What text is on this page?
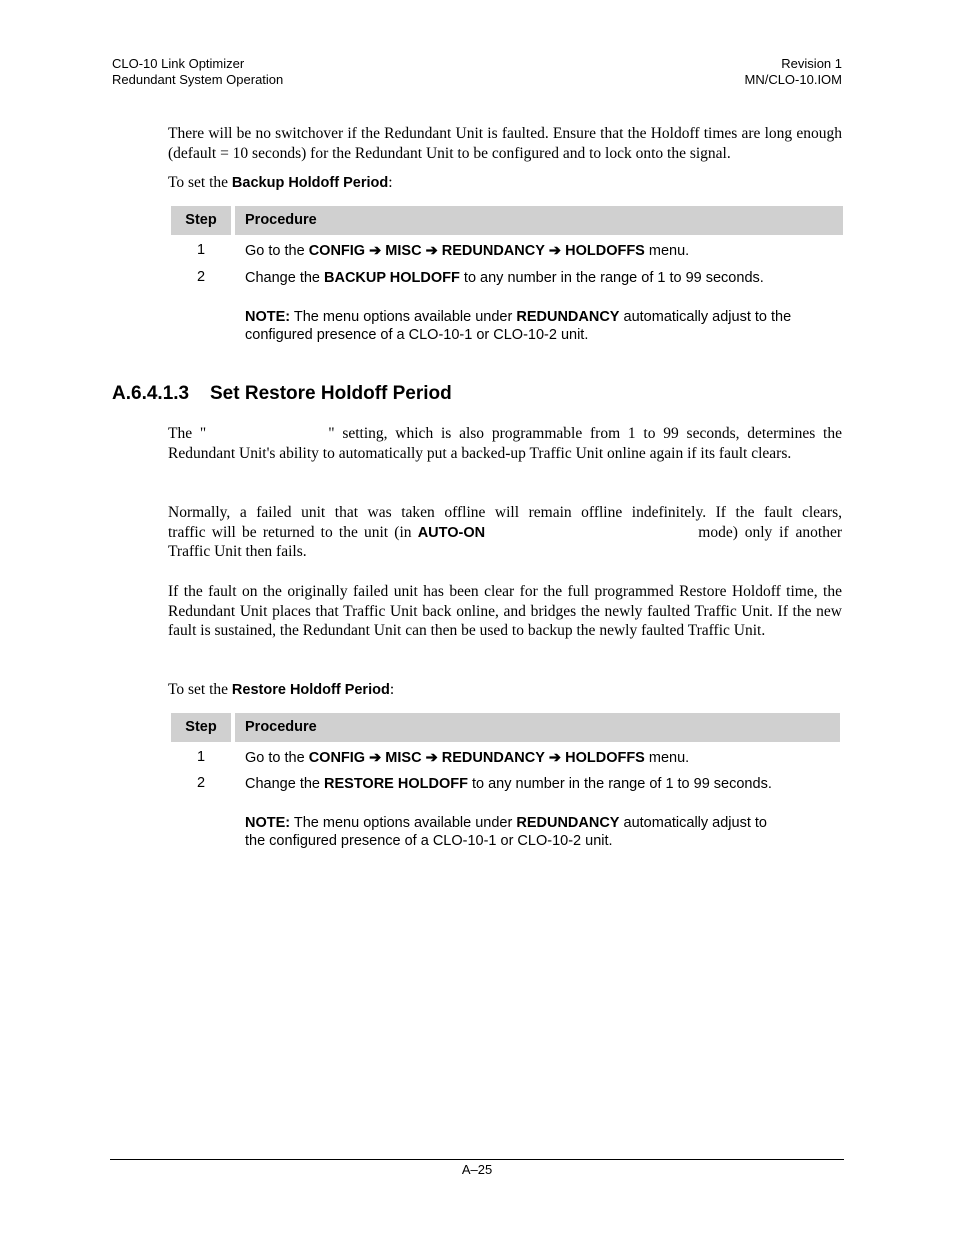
CLO-10 Link Optimizer
Redundant System Operation
Revision 1
MN/CLO-10.IOM
There will be no switchover if the Redundant Unit is faulted. Ensure that the Holdoff times are long enough (default = 10 seconds) for the Redundant Unit to be configured and to lock onto the signal.
To set the Backup Holdoff Period:
Step	Procedure
1	Go to the CONFIG ➔ MISC ➔ REDUNDANCY ➔ HOLDOFFS menu.
2	Change the BACKUP HOLDOFF to any number in the range of 1 to 99 seconds.
NOTE: The menu options available under REDUNDANCY automatically adjust to the
configured presence of a CLO-10-1 or CLO-10-2 unit.
A.6.4.1.3 Set Restore Holdoff Period
The "	" setting, which is also programmable from 1 to 99 seconds, determines the Redundant Unit's ability to automatically put a backed-up Traffic Unit online again if its fault clears.
Normally, a failed unit that was taken offline will remain offline indefinitely. If the fault clears,
traffic will be returned to the unit (in AUTO-ON	mode) only if another
Traffic Unit then fails.
If the fault on the originally failed unit has been clear for the full programmed Restore Holdoff time, the Redundant Unit places that Traffic Unit back online, and bridges the newly faulted Traffic Unit. If the new fault is sustained, the Redundant Unit can then be used to backup the newly faulted Traffic Unit.
To set the Restore Holdoff Period:
Step	Procedure
1	Go to the CONFIG ➔ MISC ➔ REDUNDANCY ➔ HOLDOFFS menu.
2	Change the RESTORE HOLDOFF to any number in the range of 1 to 99 seconds.
NOTE: The menu options available under REDUNDANCY automatically adjust to
the configured presence of a CLO-10-1 or CLO-10-2 unit.
A–25
